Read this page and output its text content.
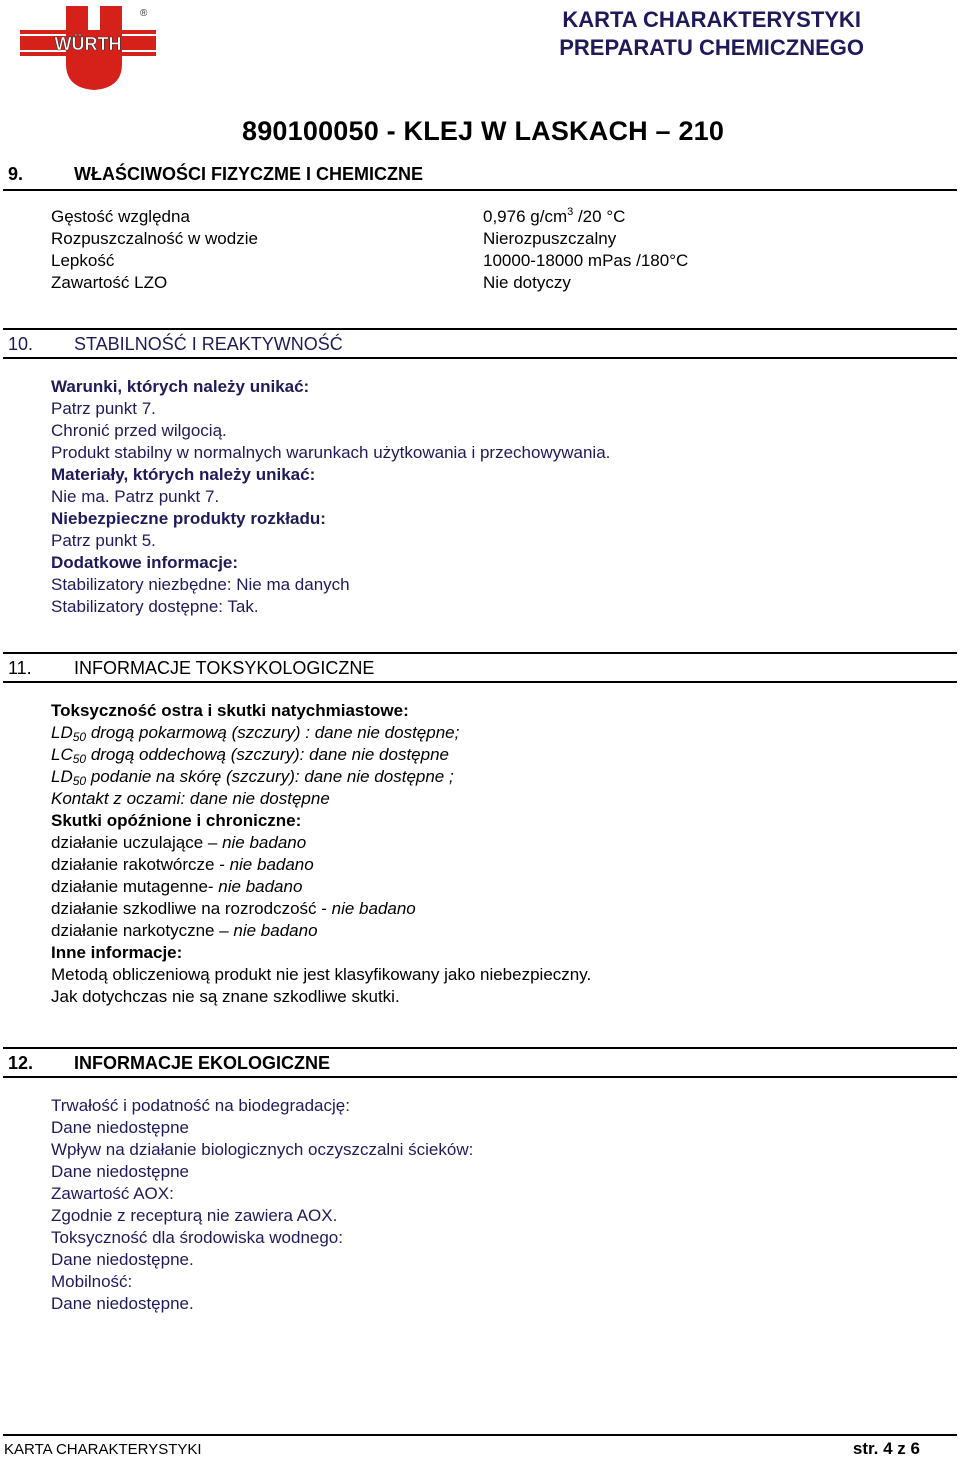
WÜRTH
®	KARTA CHARAKTERYSTYKI
PREPARATU CHEMICZNEGO
890100050 - KLEJ W LASKACH – 210
9.	WŁAŚCIWOŚCI FIZYCZME I CHEMICZNE
Gęstość względna	0,976 $g/cm^3$ /20 °C
Rozpuszczalność w wodzie	Nierozpuszczalny
Lepkość	10000-18000 mPas /180°C
Zawartość LZO	Nie dotyczy
10. STABILNOŚĆ I REAKTYWNOŚĆ
Warunki, których należy unikać:
Patrz punkt 7.
Chronić przed wilgocią.
Produkt stabilny w normalnych warunkach użytkowania i przechowywania.
Materiały, których należy unikać:
Nie ma. Patrz punkt 7.
Niebezpieczne produkty rozkładu:
Patrz punkt 5.
Dodatkowe informacje:
Stabilizatory niezbędne: Nie ma danych
Stabilizatory dostępne: Tak.
11. INFORMACJE TOKSYKOLOGICZNE
Toksyczność ostra i skutki natychmiastowe:
$LD_{50}$ drogą pokarmową (szczury) : dane nie dostępne;
$LC_{50}$ drogą oddechową (szczury): dane nie dostępne
$LD_{50}$ podanie na skórę (szczury): dane nie dostępne ;
Kontakt z oczami: dane nie dostępne
Skutki opóźnione i chroniczne:
działanie uczulające – nie badano
działanie rakotwórcze - nie badano
działanie mutagenne- nie badano
działanie szkodliwe na rozrodczość - nie badano
działanie narkotyczne – nie badano
Inne informacje:
Metodą obliczeniową produkt nie jest klasyfikowany jako niebezpieczny.
Jak dotychczas nie są znane szkodliwe skutki.
12. INFORMACJE EKOLOGICZNE
Trwałość i podatność na biodegradację:
Dane niedostępne
Wpływ na działanie biologicznych oczyszczalni ścieków:
Dane niedostępne
Zawartość AOX:
Zgodnie z recepturą nie zawiera AOX.
Toksyczność dla środowiska wodnego:
Dane niedostępne.
Mobilność:
Dane niedostępne.
KARTA CHARAKTERYSTYKI	str. 4 z 6
